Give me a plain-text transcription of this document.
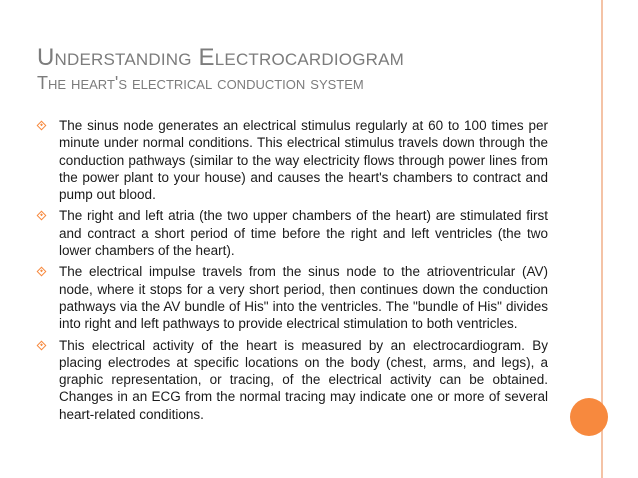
Understanding Electrocardiogram
The heart's electrical conduction system
The sinus node generates an electrical stimulus regularly at 60 to 100 times per minute under normal conditions. This electrical stimulus travels down through the conduction pathways (similar to the way electricity flows through power lines from the power plant to your house) and causes the heart's chambers to contract and pump out blood.
The right and left atria (the two upper chambers of the heart) are stimulated first and contract a short period of time before the right and left ventricles (the two lower chambers of the heart).
The electrical impulse travels from the sinus node to the atrioventricular (AV) node, where it stops for a very short period, then continues down the conduction pathways via the AV bundle of His" into the ventricles. The "bundle of His" divides into right and left pathways to provide electrical stimulation to both ventricles.
This electrical activity of the heart is measured by an electrocardiogram. By placing electrodes at specific locations on the body (chest, arms, and legs), a graphic representation, or tracing, of the electrical activity can be obtained. Changes in an ECG from the normal tracing may indicate one or more of several heart-related conditions.
